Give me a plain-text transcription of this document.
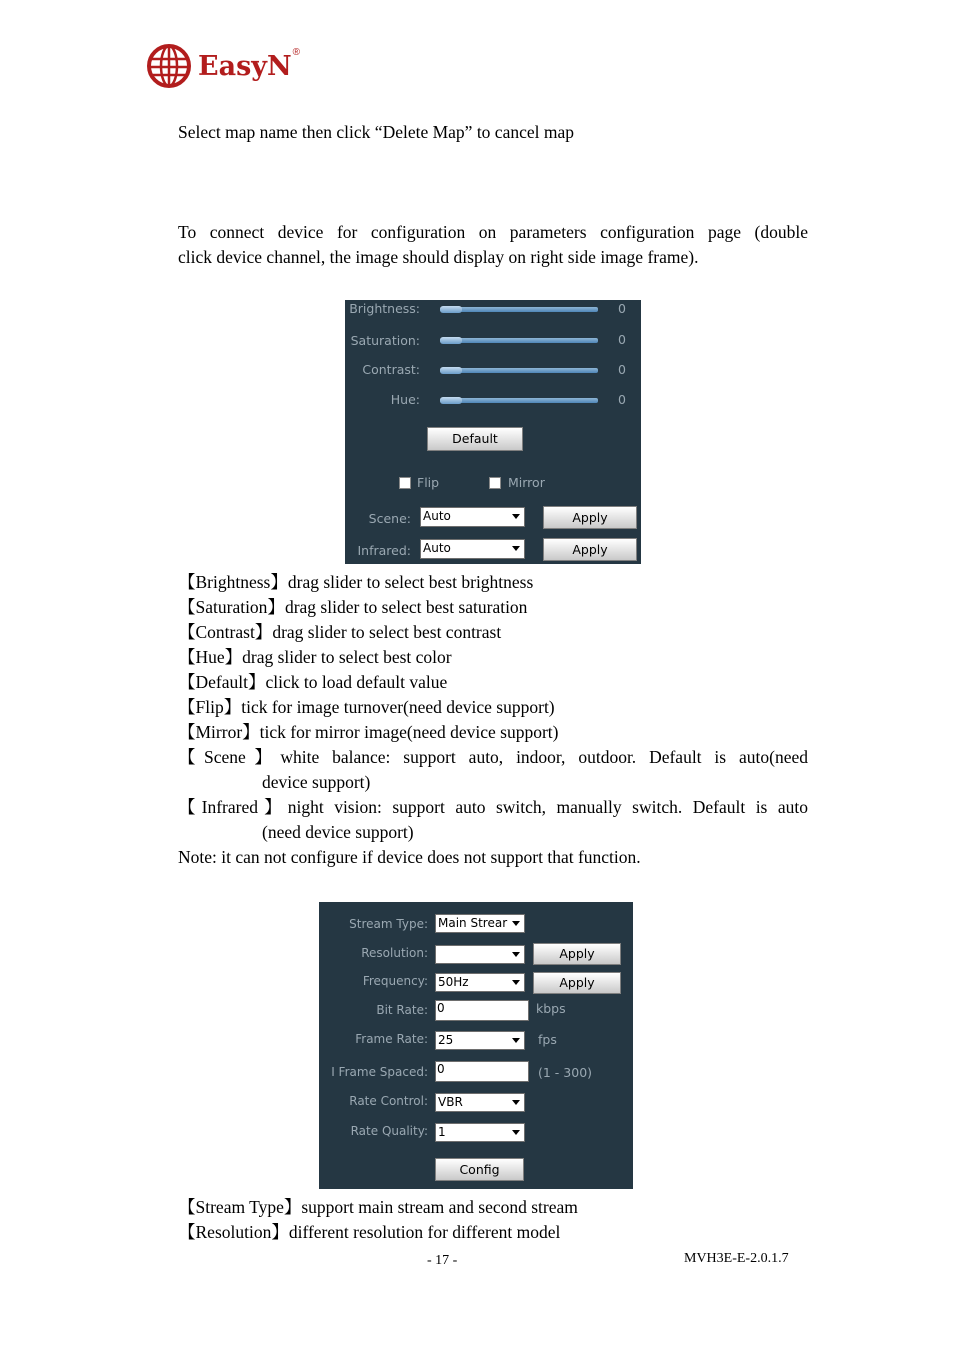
EasyN ®
Select map name then click “Delete Map” to cancel map
To connect device for configuration on parameters configuration page (double
click device channel, the image should display on right side image frame).
Brightness:	0
Saturation:	0
Contrast:	0
Hue:	0
Default
Flip	Mirror
Scene: Auto	Apply
Infrared: Auto	Apply
【Brightness】drag slider to select best brightness
【Saturation】drag slider to select best saturation
【Contrast】drag slider to select best contrast
【Hue】drag slider to select best color
【Default】click to load default value
【Flip】tick for image turnover(need device support)
【Mirror】tick for mirror image(need device support)
【Scene】white balance: support auto, indoor, outdoor. Default is auto(need
device support)
【Infrared】night vision: support auto switch, manually switch. Default is auto
(need device support)
Note: it can not configure if device does not support that function.
Stream Type: Main Strear
Resolution:	Apply
Frequency: 50Hz	Apply
Bit Rate: 0	kbps
Frame Rate: 25	fps
I Frame Spaced: 0	(1 - 300)
Rate Control: VBR
Rate Quality: 1
Config
【Stream Type】support main stream and second stream
【Resolution】different resolution for different model
- 17 -	MVH3E-E-2.0.1.7
